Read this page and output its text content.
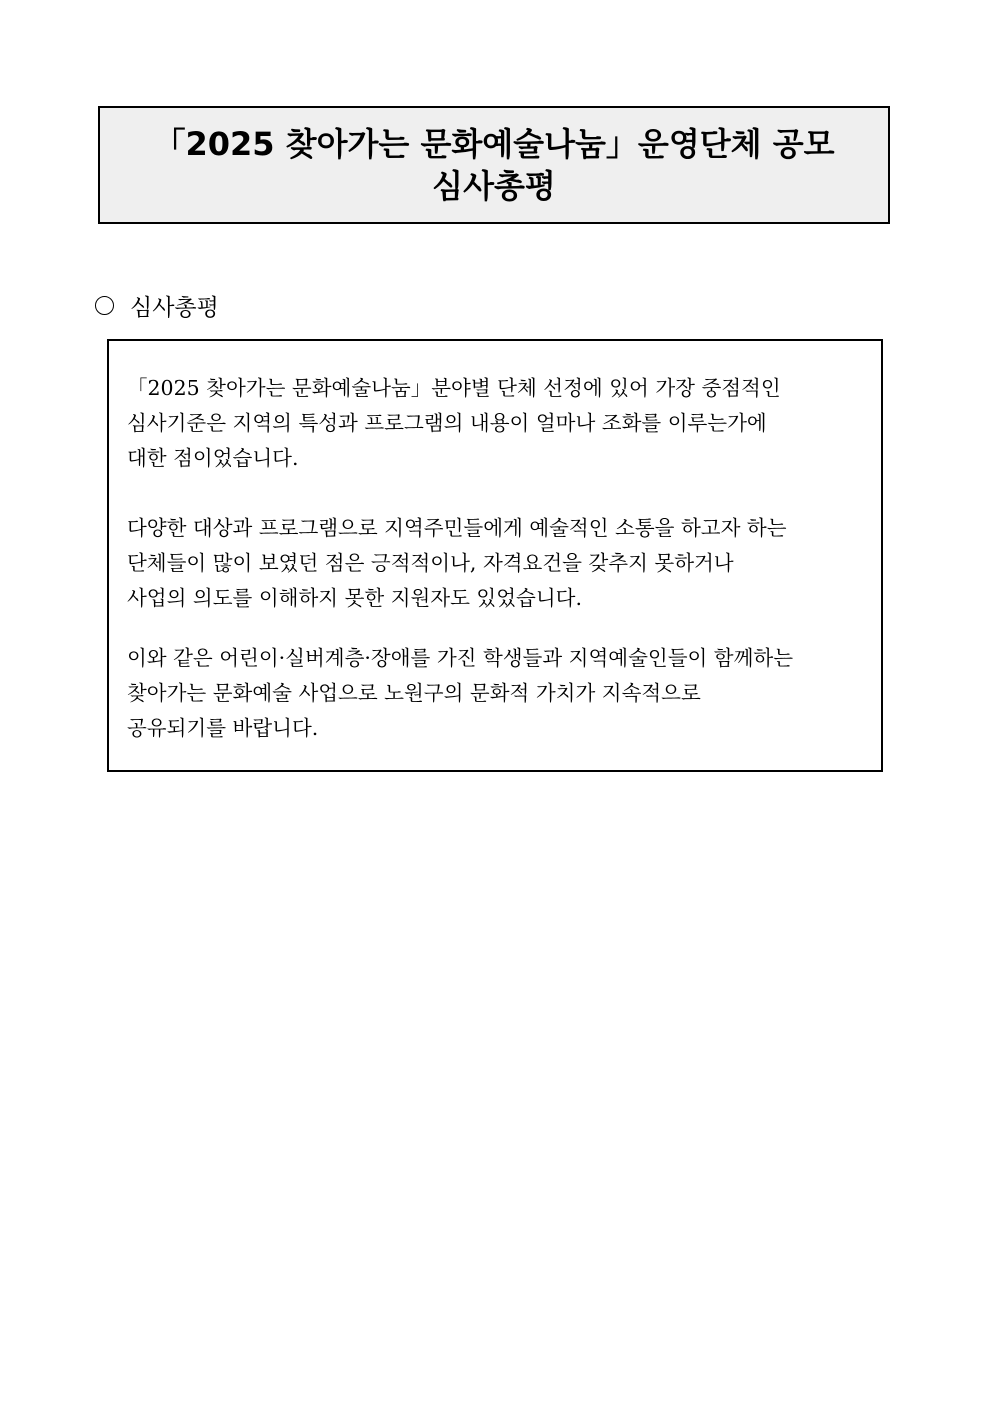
「2025 찾아가는 문화예술나눔」운영단체 공모
심사총평
심사총평
「2025 찾아가는 문화예술나눔」분야별 단체 선정에 있어 가장 중점적인
심사기준은 지역의 특성과 프로그램의 내용이 얼마나 조화를 이루는가에
대한 점이었습니다.
다양한 대상과 프로그램으로 지역주민들에게 예술적인 소통을 하고자 하는
단체들이 많이 보였던 점은 긍적적이나, 자격요건을 갖추지 못하거나
사업의 의도를 이해하지 못한 지원자도 있었습니다.
이와 같은 어린이·실버계층·장애를 가진 학생들과 지역예술인들이 함께하는
찾아가는 문화예술 사업으로 노원구의 문화적 가치가 지속적으로
공유되기를 바랍니다.
